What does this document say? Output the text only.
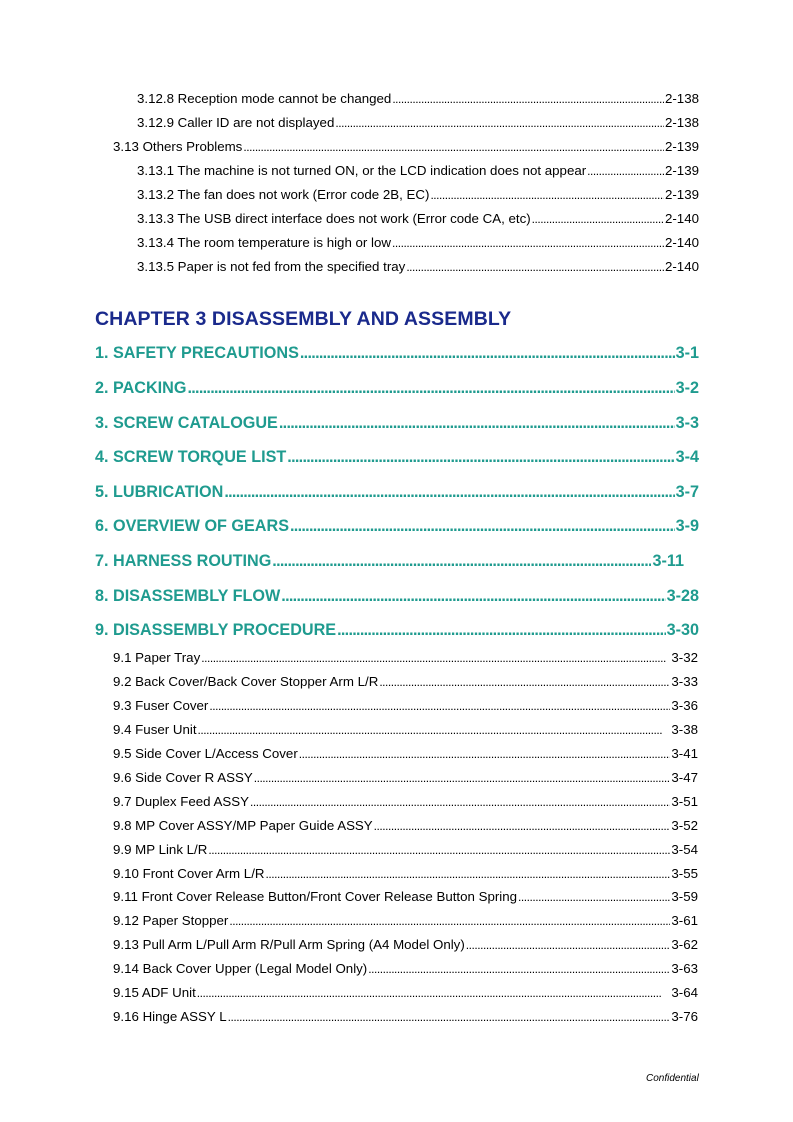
3.12.8 Reception mode cannot be changed . . .	2-138
3.12.9 Caller ID are not displayed . . .	2-138
3.13 Others Problems . . .	2-139
3.13.1 The machine is not turned ON, or the LCD indication does not appear . . .	2-139
3.13.2 The fan does not work (Error code 2B, EC) . . .	2-139
3.13.3 The USB direct interface does not work (Error code CA, etc) . . .	2-140
3.13.4 The room temperature is high or low . . .	2-140
3.13.5 Paper is not fed from the specified tray . . .	2-140
CHAPTER 3 DISASSEMBLY AND ASSEMBLY
1. SAFETY PRECAUTIONS . . .	3-1
2. PACKING . . .	3-2
3. SCREW CATALOGUE . . .	3-3
4. SCREW TORQUE LIST . . .	3-4
5. LUBRICATION . . .	3-7
6. OVERVIEW OF GEARS . . .	3-9
7. HARNESS ROUTING . . .	3-11
8. DISASSEMBLY FLOW . . .	3-28
9. DISASSEMBLY PROCEDURE . . .	3-30
9.1 Paper Tray . . .	3-32
9.2 Back Cover/Back Cover Stopper Arm L/R . . .	3-33
9.3 Fuser Cover . . .	3-36
9.4 Fuser Unit . . .	3-38
9.5 Side Cover L/Access Cover . . .	3-41
9.6 Side Cover R ASSY . . .	3-47
9.7 Duplex Feed ASSY . . .	3-51
9.8 MP Cover ASSY/MP Paper Guide ASSY . . .	3-52
9.9 MP Link L/R . . .	3-54
9.10 Front Cover Arm L/R . . .	3-55
9.11 Front Cover Release Button/Front Cover Release Button Spring . . .	3-59
9.12 Paper Stopper . . .	3-61
9.13 Pull Arm L/Pull Arm R/Pull Arm Spring (A4 Model Only) . . .	3-62
9.14 Back Cover Upper (Legal Model Only) . . .	3-63
9.15 ADF Unit . . .	3-64
9.16 Hinge ASSY L . . .	3-76
Confidential
